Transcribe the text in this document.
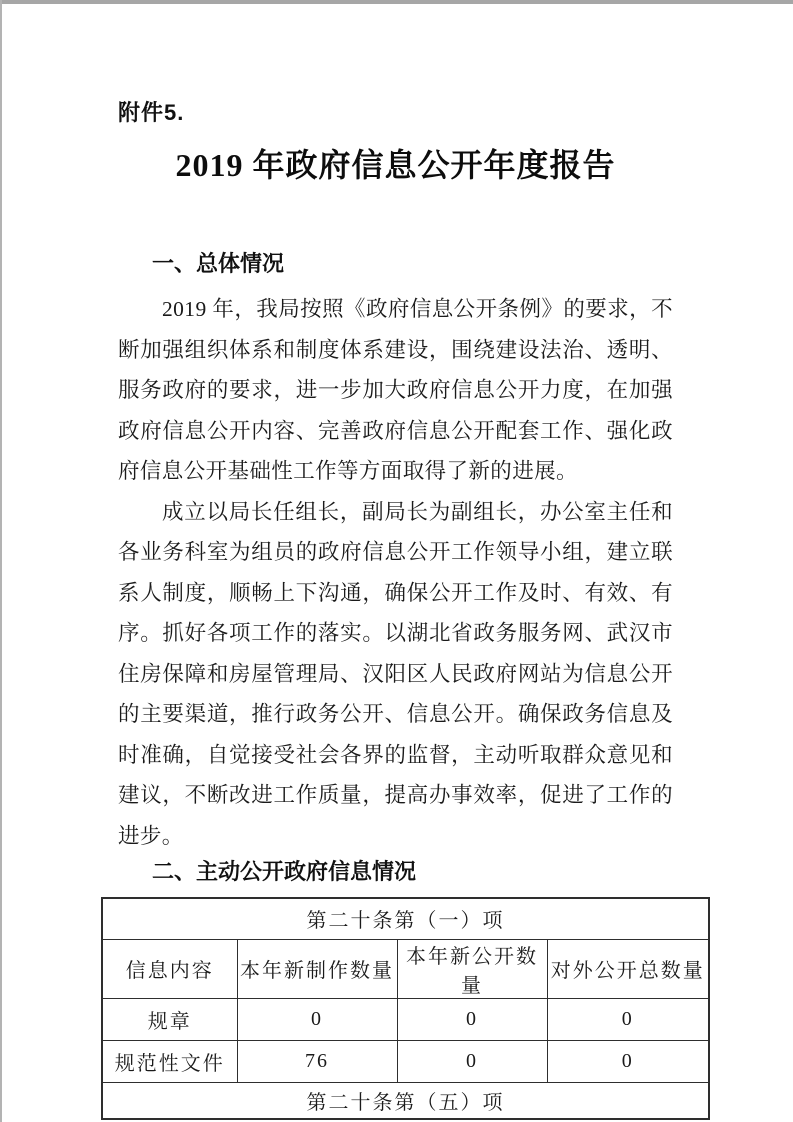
附件5.
2019 年政府信息公开年度报告
一、总体情况

2019 年，我局按照《政府信息公开条例》的要求，不断加强组织体系和制度体系建设，围绕建设法治、透明、服务政府的要求，进一步加大政府信息公开力度，在加强政府信息公开内容、完善政府信息公开配套工作、强化政府信息公开基础性工作等方面取得了新的进展。

成立以局长任组长，副局长为副组长，办公室主任和各业务科室为组员的政府信息公开工作领导小组，建立联系人制度，顺畅上下沟通，确保公开工作及时、有效、有序。抓好各项工作的落实。以湖北省政务服务网、武汉市住房保障和房屋管理局、汉阳区人民政府网站为信息公开的主要渠道，推行政务公开、信息公开。确保政务信息及时准确，自觉接受社会各界的监督，主动听取群众意见和建议，不断改进工作质量，提高办事效率，促进了工作的进步。

二、主动公开政府信息情况
第二十条第（一）项			
信息内容	本年新制作数量	本年新公开数量	对外公开总数量
规章	0	0	0
规范性文件	76	0	0
第二十条第（五）项			
